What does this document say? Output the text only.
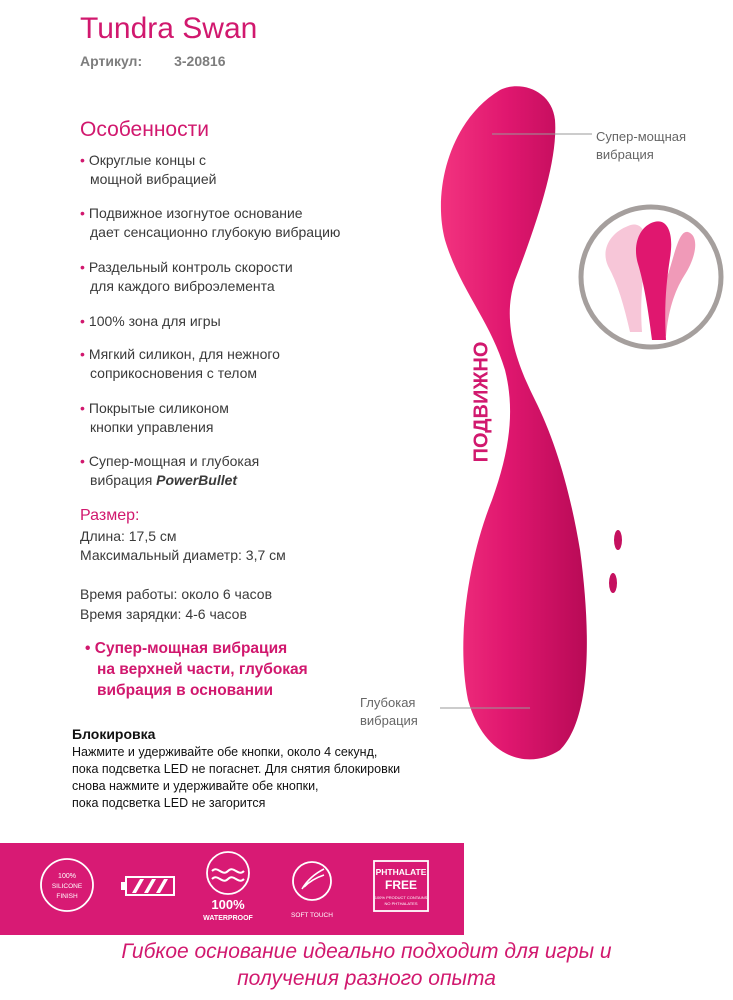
Tundra Swan
Артикул: 3-20816
Особенности
• Округлые концы с
мощной вибрацией
• Подвижное изогнутое основание
дает сенсационно глубокую вибрацию
• Раздельный контроль скорости
для каждого виброэлемента
• 100% зона для игры
• Мягкий силикон, для нежного
соприкосновения с телом
• Покрытые силиконом
кнопки управления
• Супер-мощная и глубокая
вибрация PowerBullet
Размер:
Длина: 17,5 см
Максимальный диаметр: 3,7 см
Время работы: около 6 часов
Время зарядки: 4-6 часов
• Супер-мощная вибрация
на верхней части, глубокая
вибрация в основании
Блокировка
Нажмите и удерживайте обе кнопки, около 4 секунд,
пока подсветка LED не погаснет. Для снятия блокировки
снова нажмите и удерживайте обе кнопки,
пока подсветка LED не загорится
Супер-мощная
вибрация
Глубокая
вибрация
ПОДВИЖНО
100%
SILICONE
FINISH
100%
WATERPROOF	SOFT TOUCH
PHTHALATE
FREE
100% PRODUCT CONTAINS
NO PHTHALATES
Гибкое основание идеально подходит для игры и
получения разного опыта
